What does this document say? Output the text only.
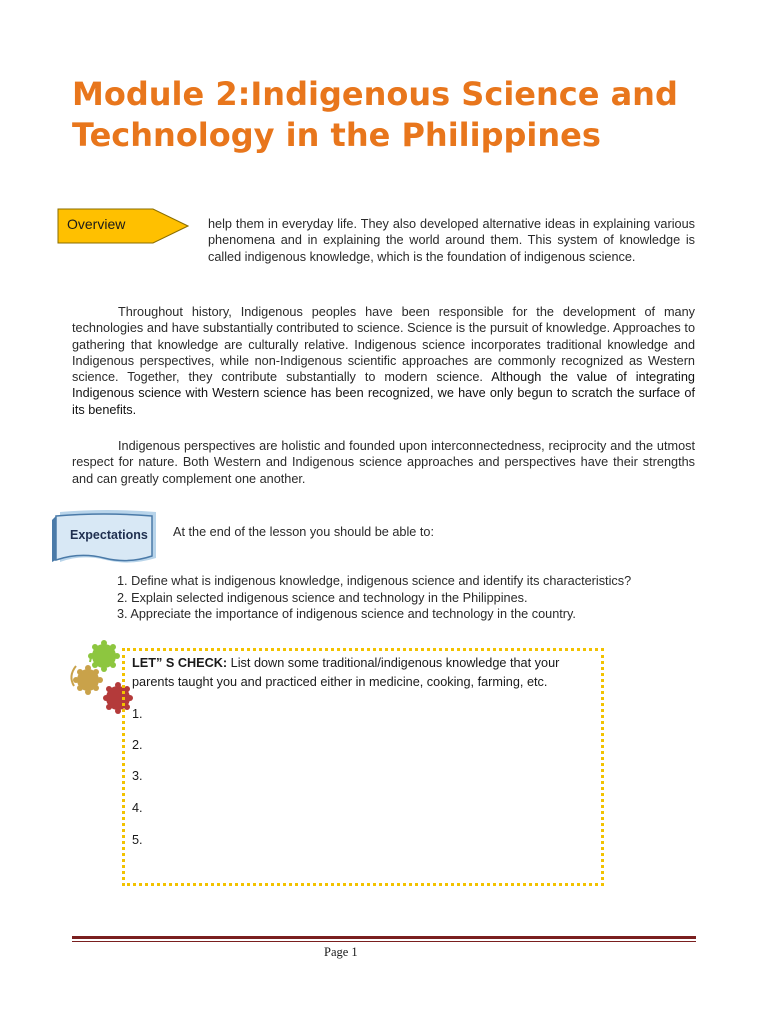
Module 2:Indigenous Science and Technology in the Philippines
Overview	help them in everyday life. They also developed alternative ideas in explaining various phenomena and in explaining the world around them. This system of knowledge is called indigenous knowledge, which is the foundation of indigenous science.

Throughout history, Indigenous peoples have been responsible for the development of many technologies and have substantially contributed to science. Science is the pursuit of knowledge. Approaches to gathering that knowledge are culturally relative. Indigenous science incorporates traditional knowledge and Indigenous perspectives, while non-Indigenous scientific approaches are commonly recognized as Western science. Together, they contribute substantially to modern science. Although the value of integrating Indigenous science with Western science has been recognized, we have only begun to scratch the surface of its benefits.

Indigenous perspectives are holistic and founded upon interconnectedness, reciprocity and the utmost respect for nature. Both Western and Indigenous science approaches and perspectives have their strengths and can greatly complement one another.

Expectations At the end of the lesson you should be able to:
1. Define what is indigenous knowledge, indigenous science and identify its characteristics?
2. Explain selected indigenous science and technology in the Philippines.
3. Appreciate the importance of indigenous science and technology in the country.

LET” S CHECK: List down some traditional/indigenous knowledge that your parents taught you and practiced either in medicine, cooking, farming, etc.

1.
2.
3.
4.
5.
Page 1
